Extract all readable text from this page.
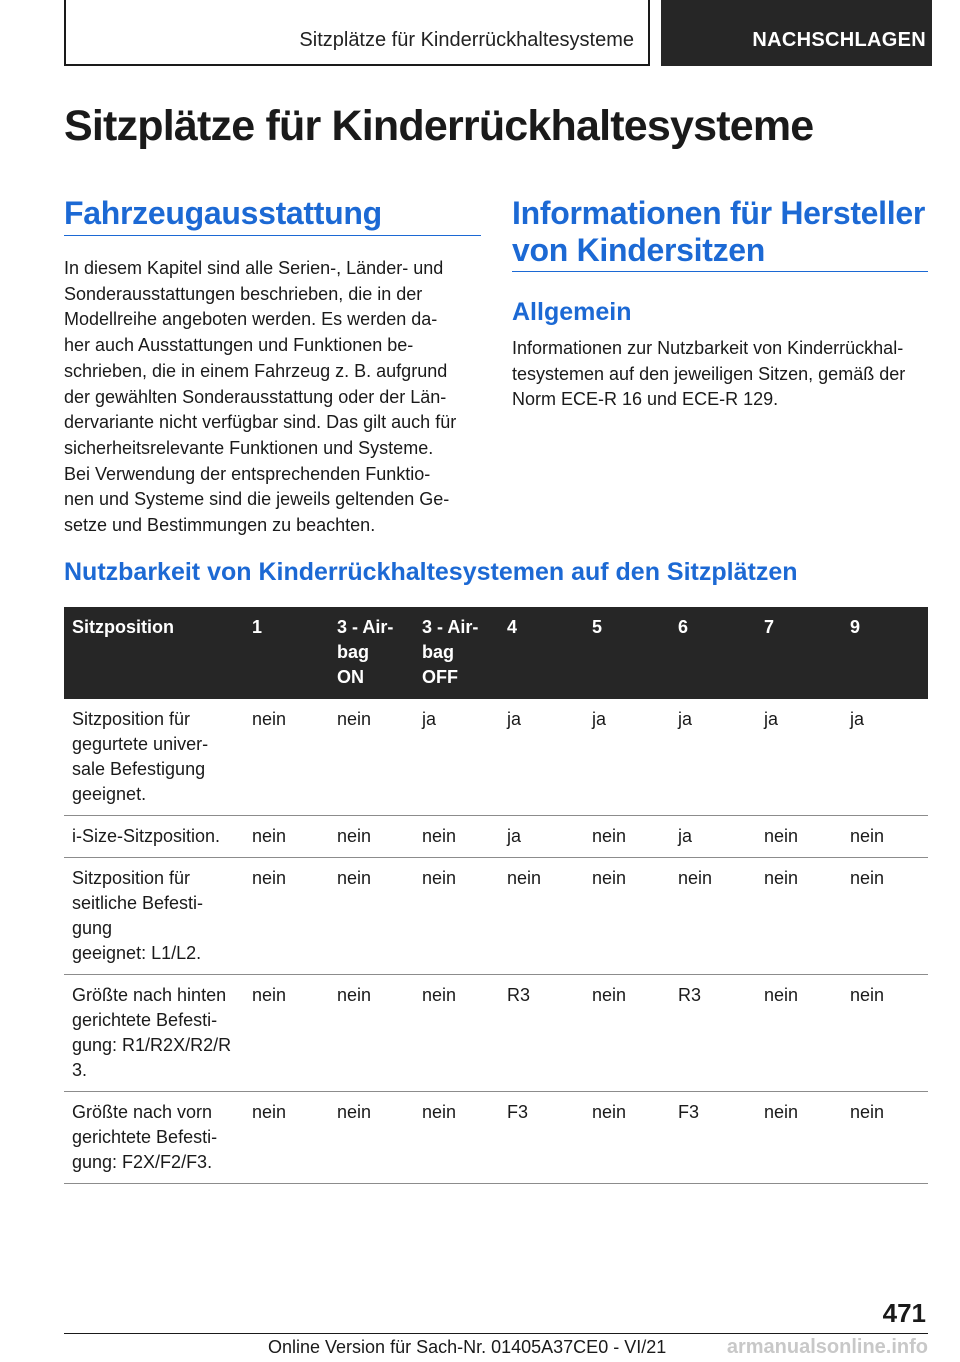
Sitzplätze für Kinderrückhaltesysteme	NACHSCHLAGEN
Sitzplätze für Kinderrückhaltesysteme
Fahrzeugausstattung
In diesem Kapitel sind alle Serien-, Länder- und
Sonderausstattungen beschrieben, die in der
Modellreihe angeboten werden. Es werden da-
her auch Ausstattungen und Funktionen be-
schrieben, die in einem Fahrzeug z. B. aufgrund
der gewählten Sonderausstattung oder der Län-
dervariante nicht verfügbar sind. Das gilt auch für
sicherheitsrelevante Funktionen und Systeme.
Bei Verwendung der entsprechenden Funktio-
nen und Systeme sind die jeweils geltenden Ge-
setze und Bestimmungen zu beachten.
Informationen für Hersteller
von Kindersitzen
Allgemein
Informationen zur Nutzbarkeit von Kinderrückhal-
tesystemen auf den jeweiligen Sitzen, gemäß der
Norm ECE-R 16 und ECE-R 129.
Nutzbarkeit von Kinderrückhaltesystemen auf den Sitzplätzen
Sitzposition	1	3 - Air-
bag
ON	3 - Air-
bag
OFF	4	5	6	7	9

Sitzposition für
gegurtete univer-
sale Befestigung
geeignet.	nein	nein	ja	ja	ja	ja	ja	ja

i-Size-Sitzposition.	nein	nein	nein	ja	nein	ja	nein	nein

Sitzposition für
seitliche Befesti-
gung
geeignet: L1/L2.	nein	nein	nein	nein	nein	nein	nein	nein

Größte nach hinten
gerichtete Befesti-
gung: R1/R2X/R2/R
3.	nein	nein	nein	R3	nein	R3	nein	nein

Größte nach vorn
gerichtete Befesti-
gung: F2X/F2/F3.	nein	nein	nein	F3	nein	F3	nein	nein
471
Online Version für Sach-Nr. 01405A37CE0 - VI/21	armanualsonline.info
